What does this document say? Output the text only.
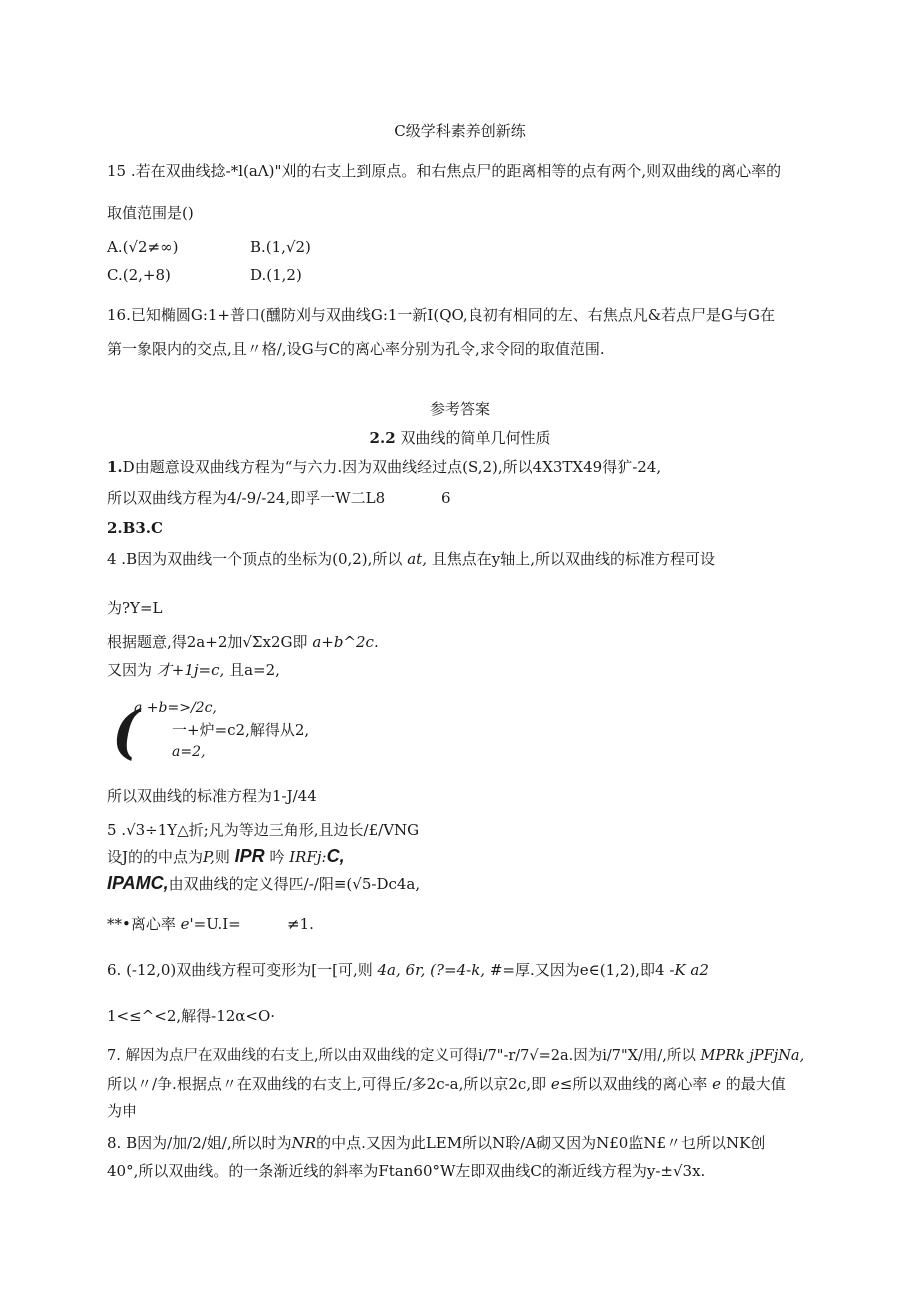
C级学科素养创新练
15 .若在双曲线捻-*l(aΛ)"刈的右支上到原点。和右焦点尸的距离相等的点有两个,则双曲线的离心率的
取值范围是()
A.(√2≠∞)	B.(1,√2)
C.(2,+8)	D.(1,2)
16.已知椭圆G:1+普口(醺防刈与双曲线G:1一新I(QO,良初有相同的左、右焦点凡&若点尸是G与G在
第一象限内的交点,且〃格/,设G与C的离心率分别为孔令,求令冏的取值范围.
参考答案
2.2 双曲线的简单几何性质
1.D由题意设双曲线方程为“与六力.因为双曲线经过点(S,2),所以4X3TX49得犷-24,
所以双曲线方程为4/-9/-24,即孚一W二L8	6
2.B3.C
4 .B因为双曲线一个顶点的坐标为(0,2),所以 at, 且焦点在y轴上,所以双曲线的标准方程可设
为?Y=L
根据题意,得2a+2加√Σx2G即 a+b^2c.
又因为 才+1j=c, 且a=2,
(
a +b=>/2c,
一+炉=c2,解得从2,
a=2,
所以双曲线的标准方程为1-J/44
5 .√3÷1Y△折;凡为等边三角形,且边长/£/VNG
设J的的中点为P,则 IPR 吟 IRFj:C,
IPAMC,由双曲线的定义得匹/-/阳≡(√5-Dc4a,
**•离心率 e'=U.I=	≠1.
6. (-12,0)双曲线方程可变形为[一[可,则 4a, 6r, (?=4-k, #=厚.又因为e∈(1,2),即4 -K a2
1<≤^<2,解得-12α<O·
7. 解因为点尸在双曲线的右支上,所以由双曲线的定义可得i/7"-r/7√=2a.因为i/7"X/用/,所以 MPRk jPFjNa,
所以〃/争.根据点〃在双曲线的右支上,可得丘/多2c-a,所以京2c,即 e≤所以双曲线的离心率 e 的最大值
为申
8. B因为/加/2/姐/,所以时为NR的中点.又因为此LEM所以N聆/A砌又因为N£0监N£〃乜所以NK创
40°,所以双曲线。的一条渐近线的斜率为Ftan60°W左即双曲线C的渐近线方程为y-±√3x.
